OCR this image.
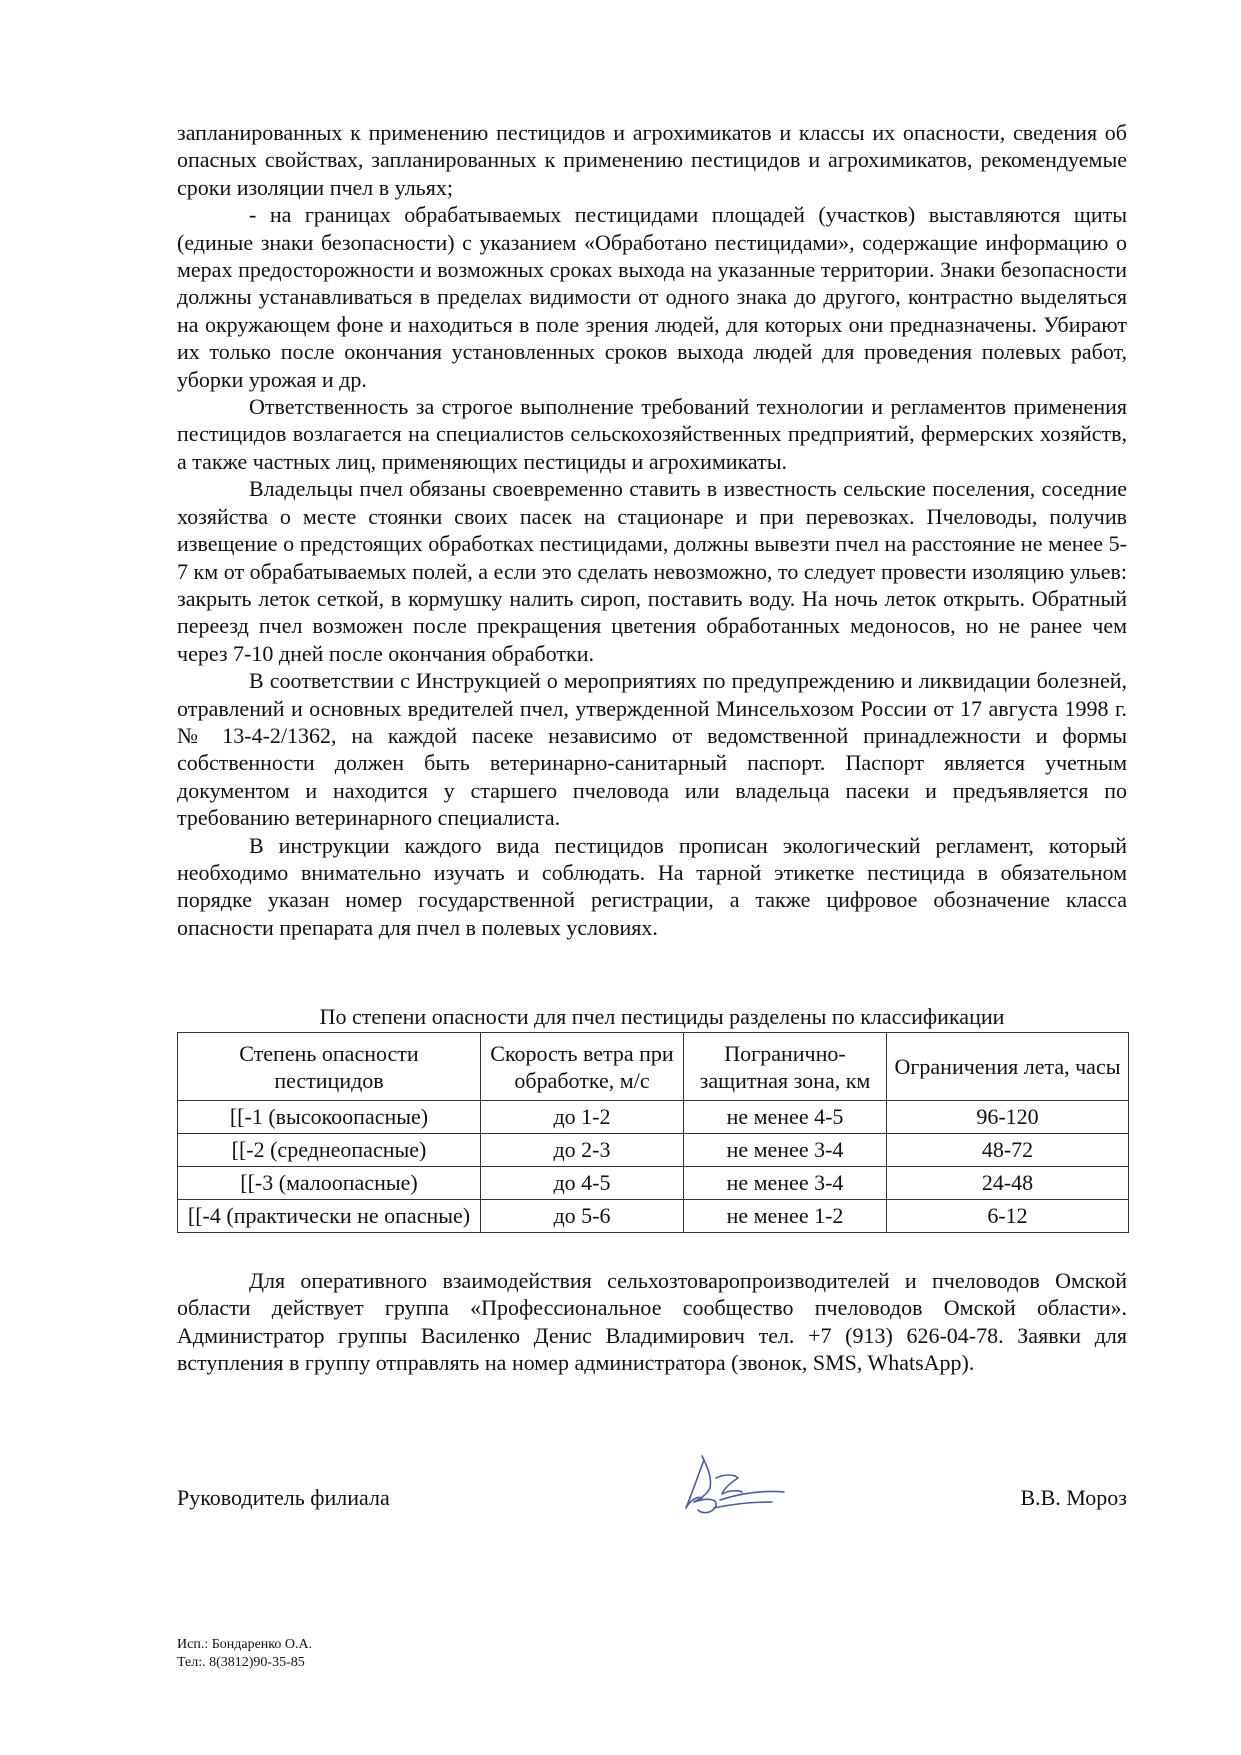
запланированных к применению пестицидов и агрохимикатов и классы их опасности, сведения об опасных свойствах, запланированных к применению пестицидов и агрохимикатов, рекомендуемые сроки изоляции пчел в ульях;

- на границах обрабатываемых пестицидами площадей (участков) выставляются щиты (единые знаки безопасности) с указанием «Обработано пестицидами», содержащие информацию о мерах предосторожности и возможных сроках выхода на указанные территории. Знаки безопасности должны устанавливаться в пределах видимости от одного знака до другого, контрастно выделяться на окружающем фоне и находиться в поле зрения людей, для которых они предназначены. Убирают их только после окончания установленных сроков выхода людей для проведения полевых работ, уборки урожая и др.

Ответственность за строгое выполнение требований технологии и регламентов применения пестицидов возлагается на специалистов сельскохозяйственных предприятий, фермерских хозяйств, а также частных лиц, применяющих пестициды и агрохимикаты.

Владельцы пчел обязаны своевременно ставить в известность сельские поселения, соседние хозяйства о месте стоянки своих пасек на стационаре и при перевозках. Пчеловоды, получив извещение о предстоящих обработках пестицидами, должны вывезти пчел на расстояние не менее 5-7 км от обрабатываемых полей, а если это сделать невозможно, то следует провести изоляцию ульев: закрыть леток сеткой, в кормушку налить сироп, поставить воду. На ночь леток открыть. Обратный переезд пчел возможен после прекращения цветения обработанных медоносов, но не ранее чем через 7-10 дней после окончания обработки.

В соответствии с Инструкцией о мероприятиях по предупреждению и ликвидации болезней, отравлений и основных вредителей пчел, утвержденной Минсельхозом России от 17 августа 1998 г. № 13-4-2/1362, на каждой пасеке независимо от ведомственной принадлежности и формы собственности должен быть ветеринарно-санитарный паспорт. Паспорт является учетным документом и находится у старшего пчеловода или владельца пасеки и предъявляется по требованию ветеринарного специалиста.

В инструкции каждого вида пестицидов прописан экологический регламент, который необходимо внимательно изучать и соблюдать. На тарной этикетке пестицида в обязательном порядке указан номер государственной регистрации, а также цифровое обозначение класса опасности препарата для пчел в полевых условиях.

По степени опасности для пчел пестициды разделены по классификации
Степень опасности пестицидов	Скорость ветра при обработке, м/с	Погранично-защитная зона, км	Ограничения лета, часы
[[-1 (высокоопасные)	до 1-2	не менее 4-5	96-120
[[-2 (среднеопасные)	до 2-3	не менее 3-4	48-72
[[-3 (малоопасные)	до 4-5	не менее 3-4	24-48
[[-4 (практически не опасные)	до 5-6	не менее 1-2	6-12

Для оперативного взаимодействия сельхозтоваропроизводителей и пчеловодов Омской области действует группа «Профессиональное сообщество пчеловодов Омской области». Администратор группы Василенко Денис Владимирович тел. +7 (913) 626-04-78. Заявки для вступления в группу отправлять на номер администратора (звонок, SMS, WhatsApp).

Руководитель филиала	В.В. Мороз
Исп.: Бондаренко О.А.
Тел:. 8(3812)90-35-85
